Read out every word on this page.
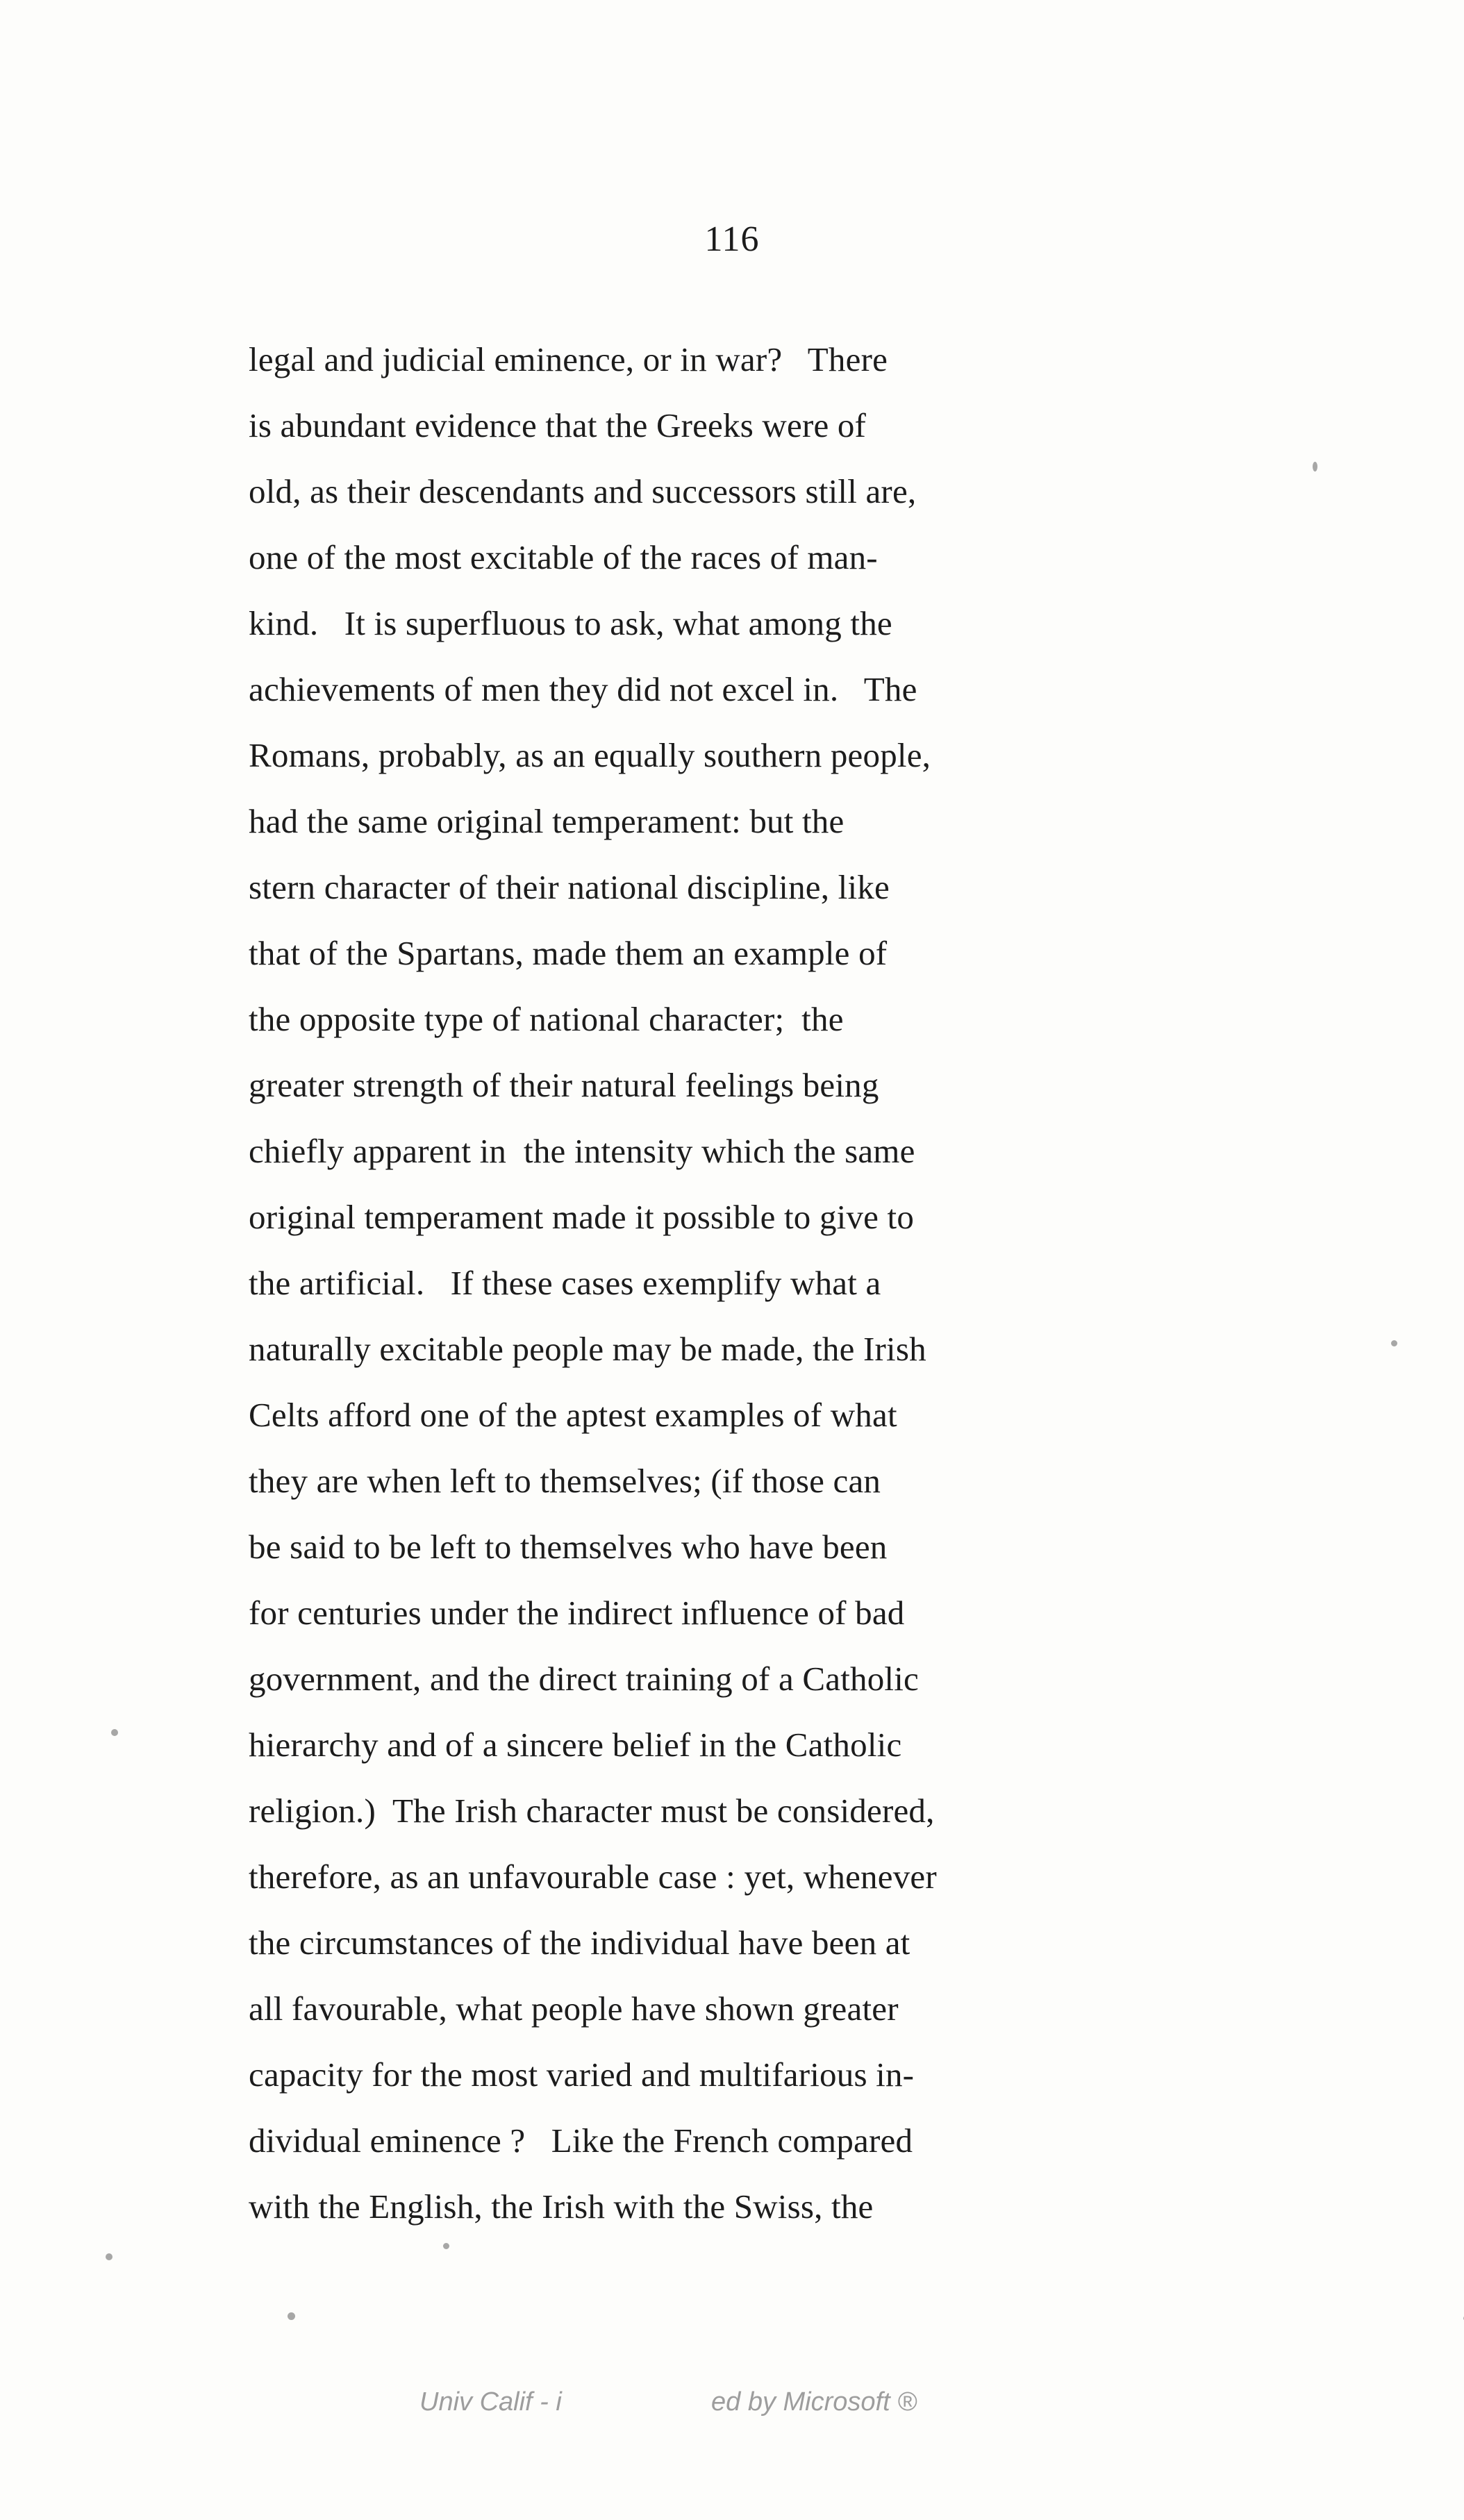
116
legal and judicial eminence, or in war?   There
is abundant evidence that the Greeks were of
old, as their descendants and successors still are,
one of the most excitable of the races of man-
kind.   It is superfluous to ask, what among the
achievements of men they did not excel in.   The
Romans, probably, as an equally southern people,
had the same original temperament: but the
stern character of their national discipline, like
that of the Spartans, made them an example of
the opposite type of national character;  the
greater strength of their natural feelings being
chiefly apparent in  the intensity which the same
original temperament made it possible to give to
the artificial.   If these cases exemplify what a
naturally excitable people may be made, the Irish
Celts afford one of the aptest examples of what
they are when left to themselves; (if those can
be said to be left to themselves who have been
for centuries under the indirect influence of bad
government, and the direct training of a Catholic
hierarchy and of a sincere belief in the Catholic
religion.)  The Irish character must be considered,
therefore, as an unfavourable case : yet, whenever
the circumstances of the individual have been at
all favourable, what people have shown greater
capacity for the most varied and multifarious in-
dividual eminence ?   Like the French compared
with the English, the Irish with the Swiss, the
Univ Calif - i	ed by Microsoft ®
